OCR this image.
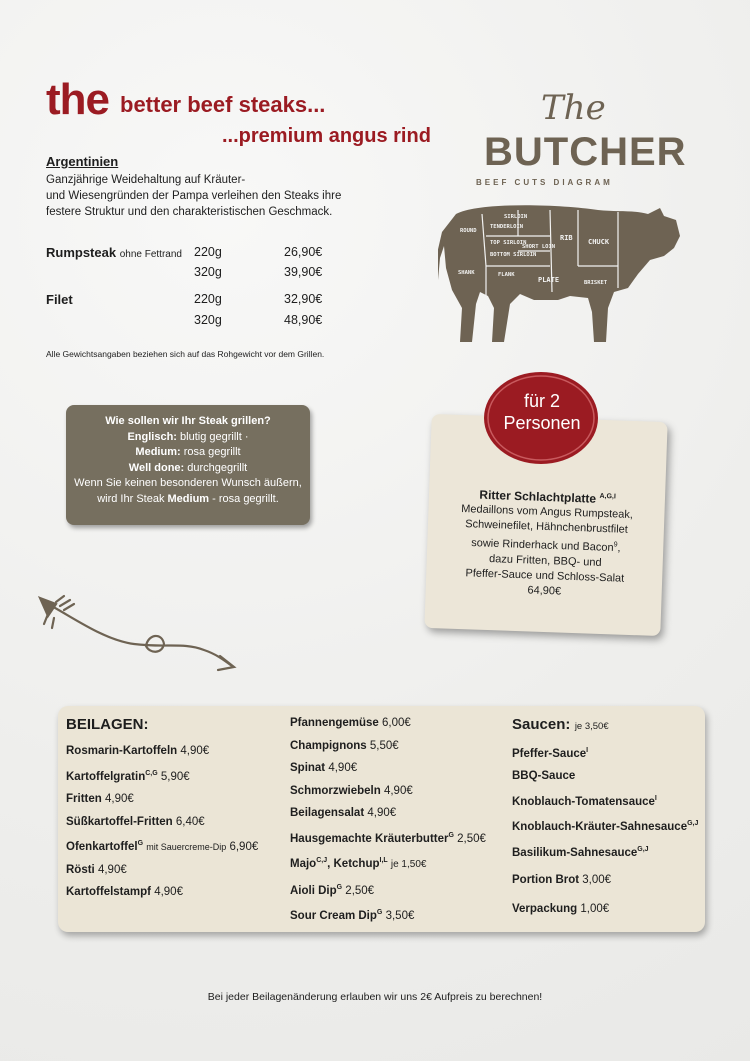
the better beef steaks...
...premium angus rind
Argentinien
Ganzjährige Weidehaltung auf Kräuter-
und Wiesengründen der Pampa verleihen den Steaks ihre
festere Struktur und den charakteristischen Geschmack.
Rumpsteak ohne Fettrand 220g	26,90€
320g	39,90€
Filet	220g	32,90€
320g	48,90€
Alle Gewichtsangaben beziehen sich auf das Rohgewicht vor dem Grillen.
The
BUTCHER
BEEF CUTS DIAGRAM
ROUND
SIRLOIN
TENDERLOIN
TOP SIRLOIN
BOTTOM SIRLOIN
SHORT LOIN
RIB CHUCK
FLANK
PLATE
SHANK
BRISKET
Wie sollen wir Ihr Steak grillen?
Englisch: blutig gegrillt ·
Medium: rosa gegrillt
Well done: durchgegrillt
Wenn Sie keinen besonderen Wunsch äußern,
wird Ihr Steak Medium - rosa gegrillt.
für 2
Personen
Ritter Schlachtplatte $^{A,G,I}$
Medaillons vom Angus Rumpsteak,
Schweinefilet, Hähnchenbrustfilet
sowie Rinderhack und Bacon$^9$,
dazu Fritten, BBQ- und
Pfeffer-Sauce und Schloss-Salat
64,90€
BEILAGEN:
Rosmarin-Kartoffeln 4,90€
Kartoffelgratin$^{C,G}$ 5,90€
Fritten 4,90€
Süßkartoffel-Fritten 6,40€
Ofenkartoffel$^G$ mit Sauercreme-Dip 6,90€
Rösti 4,90€
Kartoffelstampf 4,90€
Pfannengemüse 6,00€
Champignons 5,50€
Spinat 4,90€
Schmorzwiebeln 4,90€
Beilagensalat 4,90€
Hausgemachte Kräuterbutter$^G$ 2,50€
Majo$^{C,J}$, Ketchup$^{I,L}$ je 1,50€
Aioli Dip$^G$ 2,50€
Sour Cream Dip$^G$ 3,50€
Saucen: je 3,50€
Pfeffer-Sauce$^I$
BBQ-Sauce
Knoblauch-Tomatensauce$^I$
Knoblauch-Kräuter-Sahnesauce$^{G,J}$
Basilikum-Sahnesauce$^{G,J}$
Portion Brot 3,00€
Verpackung 1,00€
Bei jeder Beilagenänderung erlauben wir uns 2€ Aufpreis zu berechnen!
